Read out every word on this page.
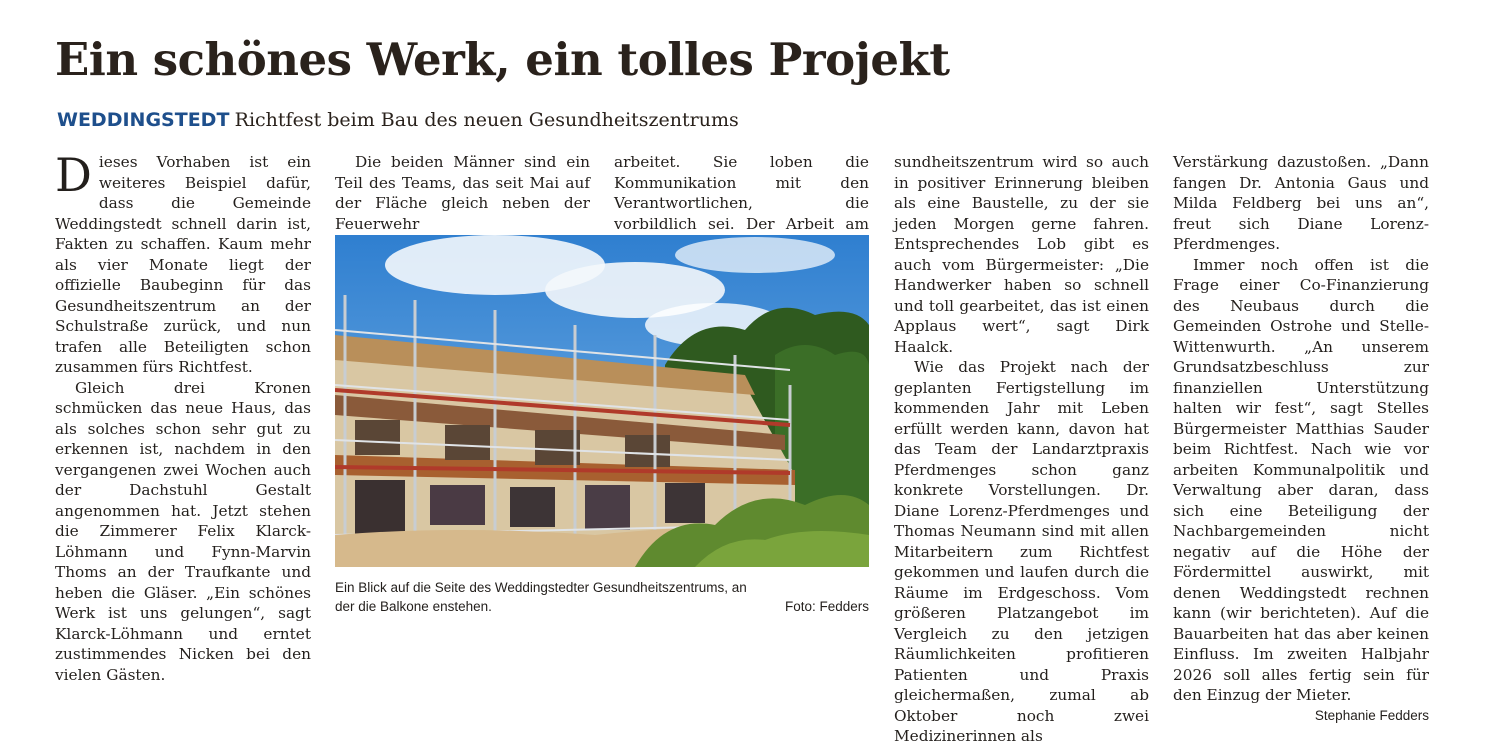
Ein schönes Werk, ein tolles Projekt
WEDDINGSTEDT Richtfest beim Bau des neuen Gesundheitszentrums

Dieses Vorhaben ist ein weiteres Beispiel dafür, dass die Gemeinde Weddingstedt schnell darin ist, Fakten zu schaffen. Kaum mehr als vier Monate liegt der offizielle Baubeginn für das Gesundheitszentrum an der Schulstraße zurück, und nun trafen alle Beteiligten schon zusammen fürs Richtfest.

Gleich drei Kronen schmücken das neue Haus, das als solches schon sehr gut zu erkennen ist, nachdem in den vergangenen zwei Wochen auch der Dachstuhl Gestalt angenommen hat. Jetzt stehen die Zimmerer Felix Klarck-Löhmann und Fynn-Marvin Thoms an der Traufkante und heben die Gläser. „Ein schönes Werk ist uns gelungen“, sagt Klarck-Löhmann und erntet zustimmendes Nicken bei den vielen Gästen.

Die beiden Männer sind ein Teil des Teams, das seit Mai auf der Fläche gleich neben der Feuerwehr

arbeitet. Sie loben die Kommunikation mit den Verantwortlichen, die vorbildlich sei. Der Arbeit am

Ein Blick auf die Seite des Weddingstedter Gesundheitszentrums, an der die Balkone enstehen.	Foto: Fedders

sundheitszentrum wird so auch in positiver Erinnerung bleiben als eine Baustelle, zu der sie jeden Morgen gerne fahren. Entsprechendes Lob gibt es auch vom Bürgermeister: „Die Handwerker haben so schnell und toll gearbeitet, das ist einen Applaus wert“, sagt Dirk Haalck.

Wie das Projekt nach der geplanten Fertigstellung im kommenden Jahr mit Leben erfüllt werden kann, davon hat das Team der Landarztpraxis Pferdmenges schon ganz konkrete Vorstellungen. Dr. Diane Lorenz-Pferdmenges und Thomas Neumann sind mit allen Mitarbeitern zum Richtfest gekommen und laufen durch die Räume im Erdgeschoss. Vom größeren Platzangebot im Vergleich zu den jetzigen Räumlichkeiten profitieren Patienten und Praxis gleichermaßen, zumal ab Oktober noch zwei Medizinerinnen als

Verstärkung dazustoßen. „Dann fangen Dr. Antonia Gaus und Milda Feldberg bei uns an“, freut sich Diane Lorenz-Pferdmenges.

Immer noch offen ist die Frage einer Co-Finanzierung des Neubaus durch die Gemeinden Ostrohe und Stelle-Wittenwurth. „An unserem Grundsatzbeschluss zur finanziellen Unterstützung halten wir fest“, sagt Stelles Bürgermeister Matthias Sauder beim Richtfest. Nach wie vor arbeiten Kommunalpolitik und Verwaltung aber daran, dass sich eine Beteiligung der Nachbargemeinden nicht negativ auf die Höhe der Fördermittel auswirkt, mit denen Weddingstedt rechnen kann (wir berichteten). Auf die Bauarbeiten hat das aber keinen Einfluss. Im zweiten Halbjahr 2026 soll alles fertig sein für den Einzug der Mieter.
Stephanie Fedders
